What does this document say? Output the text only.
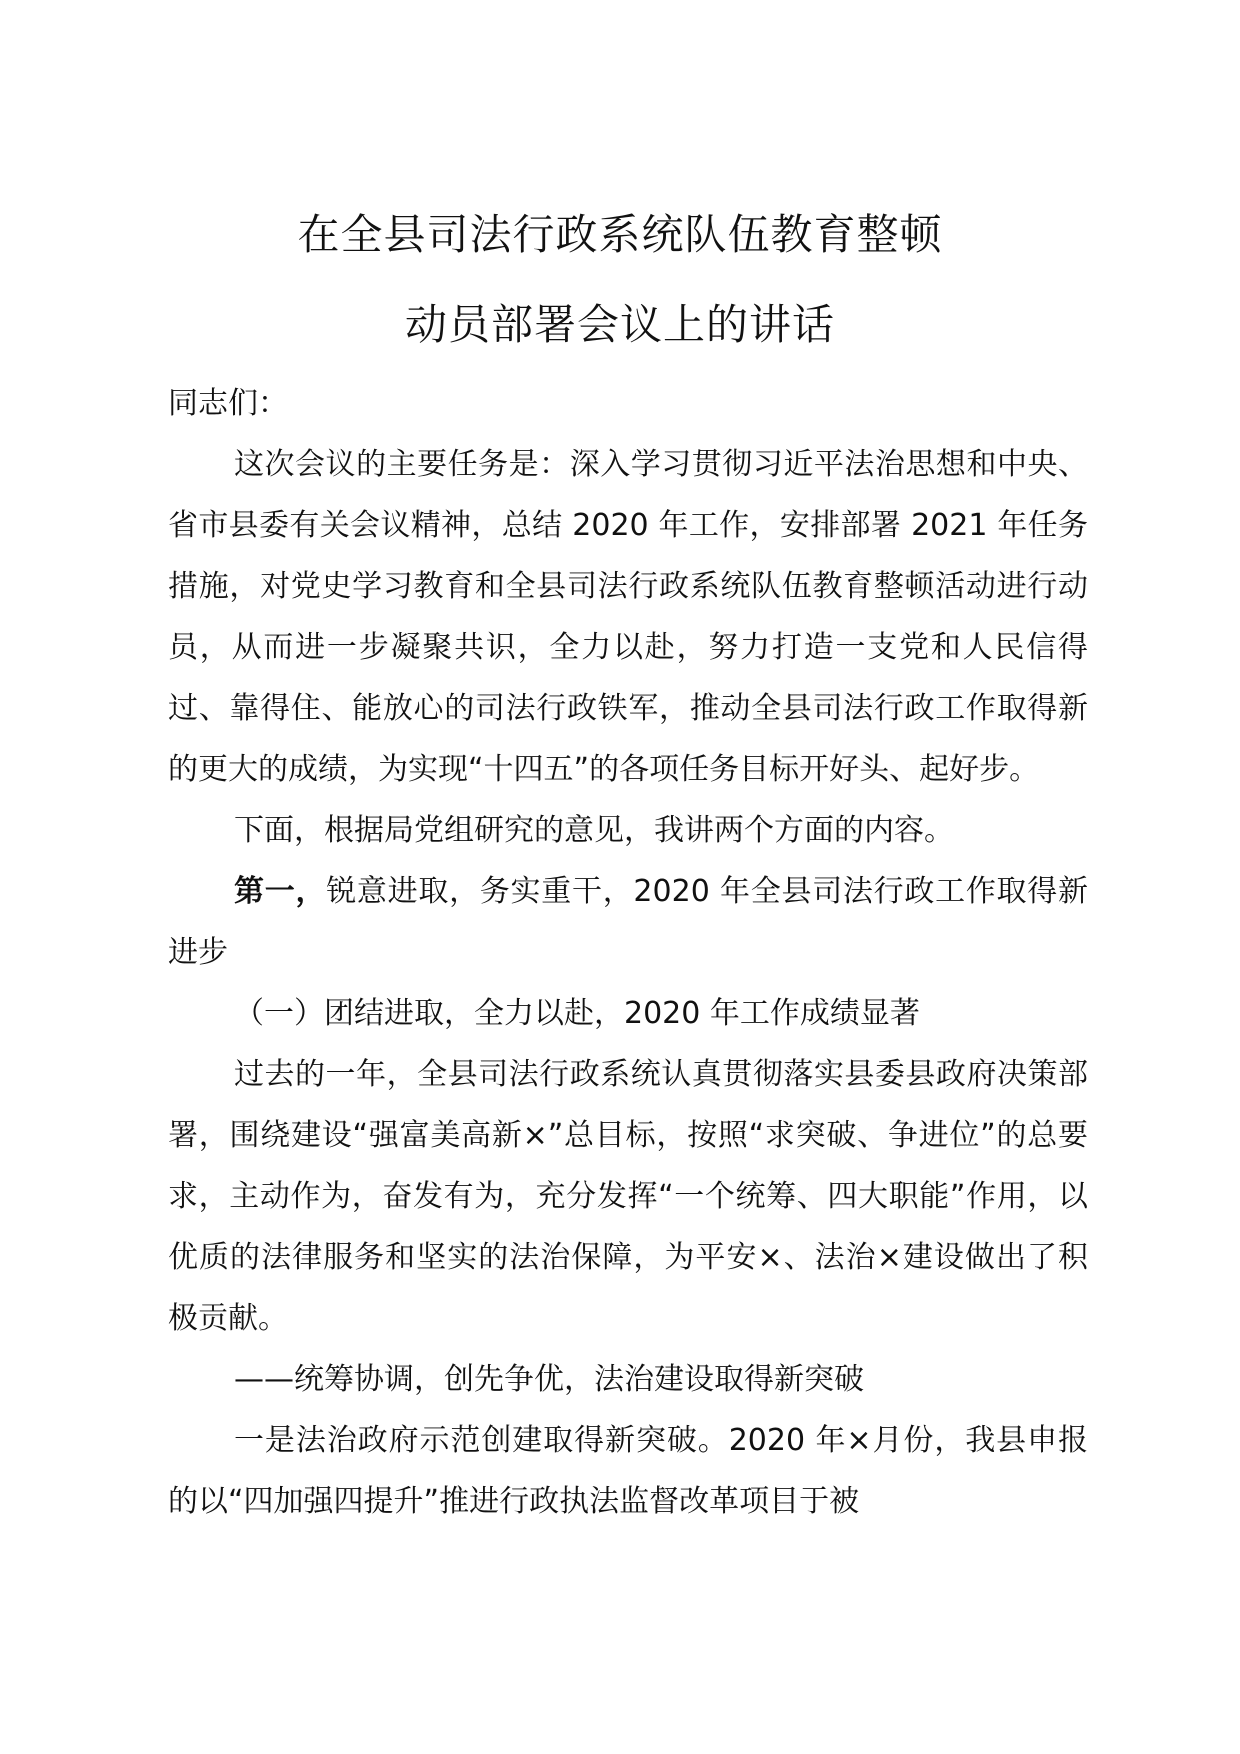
在全县司法行政系统队伍教育整顿
动员部署会议上的讲话

同志们：

这次会议的主要任务是：深入学习贯彻习近平法治思想和中央、省市县委有关会议精神，总结 2020 年工作，安排部署 2021 年任务措施，对党史学习教育和全县司法行政系统队伍教育整顿活动进行动员，从而进一步凝聚共识，全力以赴，努力打造一支党和人民信得过、靠得住、能放心的司法行政铁军，推动全县司法行政工作取得新的更大的成绩，为实现“十四五”的各项任务目标开好头、起好步。

下面，根据局党组研究的意见，我讲两个方面的内容。

第一，锐意进取，务实重干，2020 年全县司法行政工作取得新进步

（一）团结进取，全力以赴，2020 年工作成绩显著

过去的一年，全县司法行政系统认真贯彻落实县委县政府决策部署，围绕建设“强富美高新×”总目标，按照“求突破、争进位”的总要求，主动作为，奋发有为，充分发挥“一个统筹、四大职能”作用，以优质的法律服务和坚实的法治保障，为平安×、法治×建设做出了积极贡献。

——统筹协调，创先争优，法治建设取得新突破

一是法治政府示范创建取得新突破。2020 年×月份，我县申报的以“四加强四提升”推进行政执法监督改革项目于被
